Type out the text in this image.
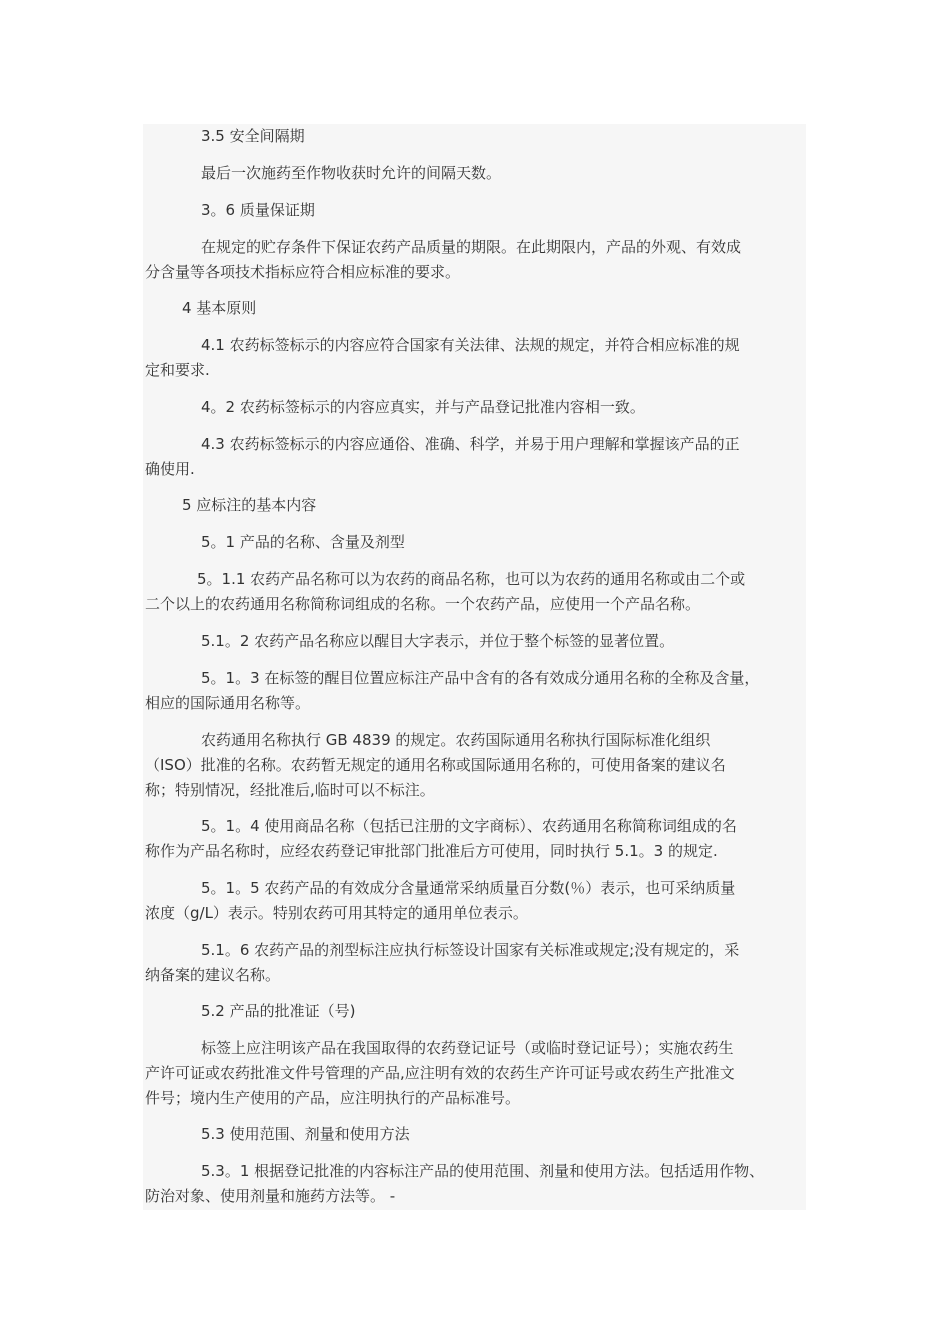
3.5 安全间隔期

最后一次施药至作物收获时允许的间隔天数。

3。6 质量保证期

在规定的贮存条件下保证农药产品质量的期限。在此期限内，产品的外观、有效成
分含量等各项技术指标应符合相应标准的要求。

4 基本原则

4.1 农药标签标示的内容应符合国家有关法律、法规的规定，并符合相应标准的规
定和要求.

4。2 农药标签标示的内容应真实，并与产品登记批准内容相一致。

4.3 农药标签标示的内容应通俗、准确、科学，并易于用户理解和掌握该产品的正
确使用.

5 应标注的基本内容

5。1 产品的名称、含量及剂型

5。1.1 农药产品名称可以为农药的商品名称，也可以为农药的通用名称或由二个或
二个以上的农药通用名称简称词组成的名称。一个农药产品，应使用一个产品名称。

5.1。2 农药产品名称应以醒目大字表示，并位于整个标签的显著位置。

5。1。3 在标签的醒目位置应标注产品中含有的各有效成分通用名称的全称及含量，
相应的国际通用名称等。

农药通用名称执行 GB 4839 的规定。农药国际通用名称执行国际标准化组织
（ISO）批准的名称。农药暂无规定的通用名称或国际通用名称的，可使用备案的建议名
称；特别情况，经批准后,临时可以不标注。

5。1。4 使用商品名称（包括已注册的文字商标）、农药通用名称简称词组成的名
称作为产品名称时，应经农药登记审批部门批准后方可使用，同时执行 5.1。3 的规定.

5。1。5 农药产品的有效成分含量通常采纳质量百分数(％）表示，也可采纳质量
浓度（g/L）表示。特别农药可用其特定的通用单位表示。

5.1。6 农药产品的剂型标注应执行标签设计国家有关标准或规定;没有规定的，采
纳备案的建议名称。

5.2 产品的批准证（号)

标签上应注明该产品在我国取得的农药登记证号（或临时登记证号）；实施农药生
产许可证或农药批准文件号管理的产品,应注明有效的农药生产许可证号或农药生产批准文
件号；境内生产使用的产品，应注明执行的产品标准号。

5.3 使用范围、剂量和使用方法

5.3。1 根据登记批准的内容标注产品的使用范围、剂量和使用方法。包括适用作物、
防治对象、使用剂量和施药方法等。 -
